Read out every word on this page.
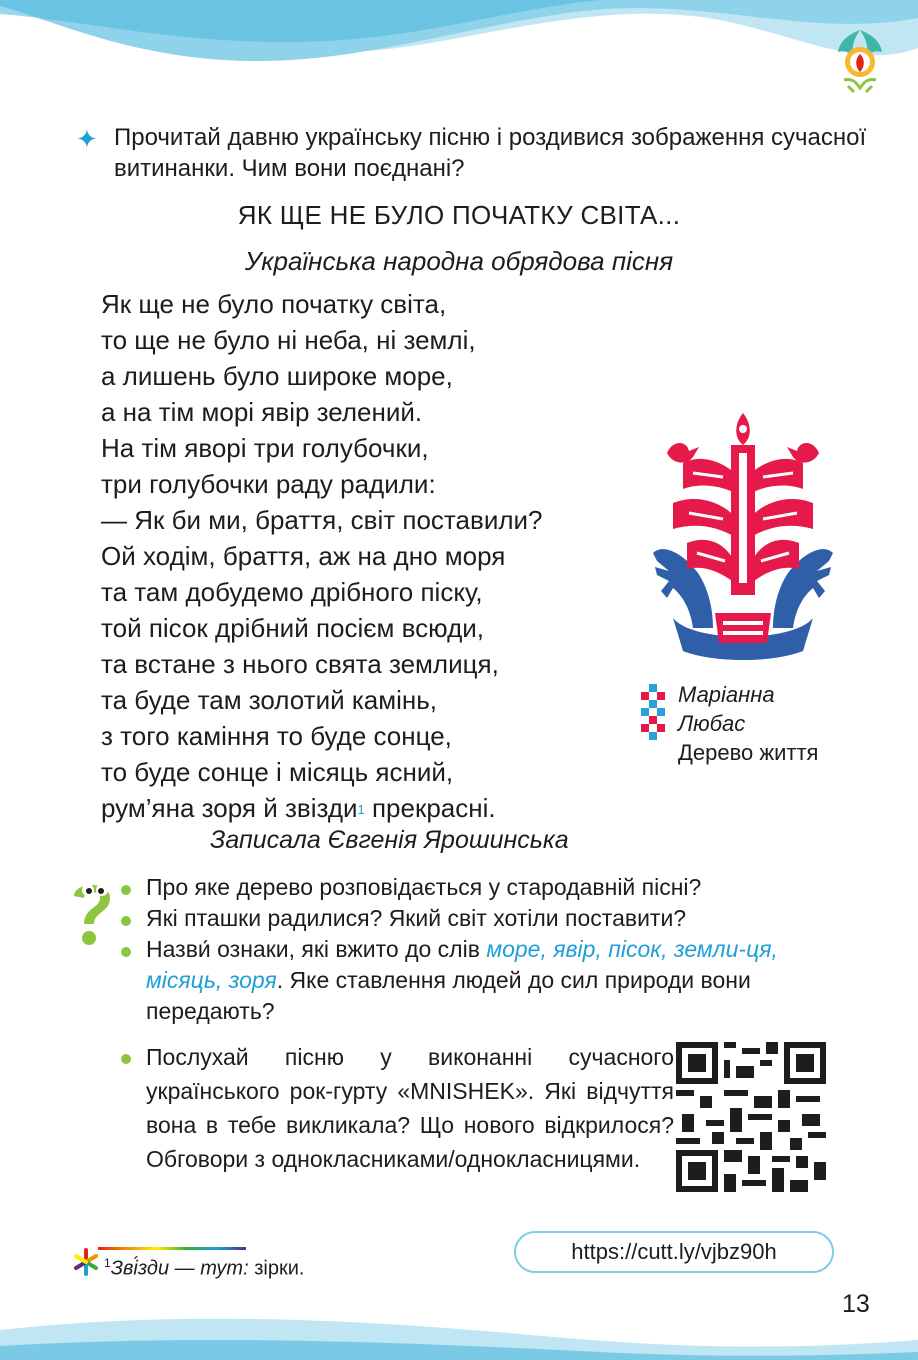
✦ Прочитай давню українську пісню і роздивися зображення сучасної витинанки. Чим вони поєднані?
ЯК ЩЕ НЕ БУЛО ПОЧАТКУ СВІТА...
Українська народна обрядова пісня
Як ще не було початку світа,
то ще не було ні неба, ні землі,
а лишень було широке море,
а на тім морі явір зелений.
На тім яворі три голубочки,
три голубочки раду радили:
— Як би ми, браття, світ поставили?
Ой ходім, браття, аж на дно моря
та там добудемо дрібного піску,
той пісок дрібний посієм всюди,
та встане з нього свята землиця,
та буде там золотий камінь,
з того каміння то буде сонце,
то буде сонце і місяць ясний,
рум’яна зоря й звізди$^1$ прекрасні.
Записала Євгенія Ярошинська
Маріанна Любас
Дерево життя
Про яке дерево розповідається у стародавній пісні?
Які пташки радилися? Який світ хотіли поставити?
Назви́ ознаки, які вжито до слів море, явір, пісок, земли-ця, місяць, зоря. Яке ставлення людей до сил природи вони передають?
Послухай пісню у виконанні сучасного українського рок-гурту «MNISHEK». Які відчуття вона в тебе викликала? Що нового відкрилося? Обговори з однокласниками/однокласницями.
https://cutt.ly/vjbz90h
$^1$Зві́зди — тут: зірки.
13
